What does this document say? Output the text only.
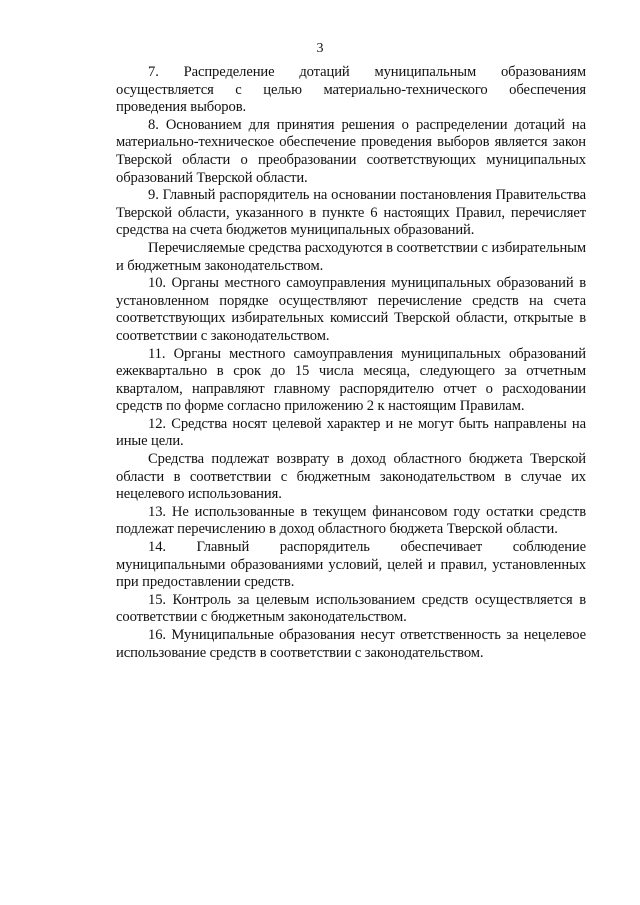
3

7. Распределение дотаций муниципальным образованиям осуществляется с целью материально-технического обеспечения проведения выборов.

8. Основанием для принятия решения о распределении дотаций на материально-техническое обеспечение проведения выборов является закон Тверской области о преобразовании соответствующих муниципальных образований Тверской области.

9. Главный распорядитель на основании постановления Правительства Тверской области, указанного в пункте 6 настоящих Правил, перечисляет средства на счета бюджетов муниципальных образований.

Перечисляемые средства расходуются в соответствии с избирательным и бюджетным законодательством.

10. Органы местного самоуправления муниципальных образований в установленном порядке осуществляют перечисление средств на счета соответствующих избирательных комиссий Тверской области, открытые в соответствии с законодательством.

11. Органы местного самоуправления муниципальных образований ежеквартально в срок до 15 числа месяца, следующего за отчетным кварталом, направляют главному распорядителю отчет о расходовании средств по форме согласно приложению 2 к настоящим Правилам.

12. Средства носят целевой характер и не могут быть направлены на иные цели.

Средства подлежат возврату в доход областного бюджета Тверской области в соответствии с бюджетным законодательством в случае их нецелевого использования.

13. Не использованные в текущем финансовом году остатки средств подлежат перечислению в доход областного бюджета Тверской области.

14. Главный распорядитель обеспечивает соблюдение муниципальными образованиями условий, целей и правил, установленных при предоставлении средств.

15. Контроль за целевым использованием средств осуществляется в соответствии с бюджетным законодательством.

16. Муниципальные образования несут ответственность за нецелевое использование средств в соответствии с законодательством.
